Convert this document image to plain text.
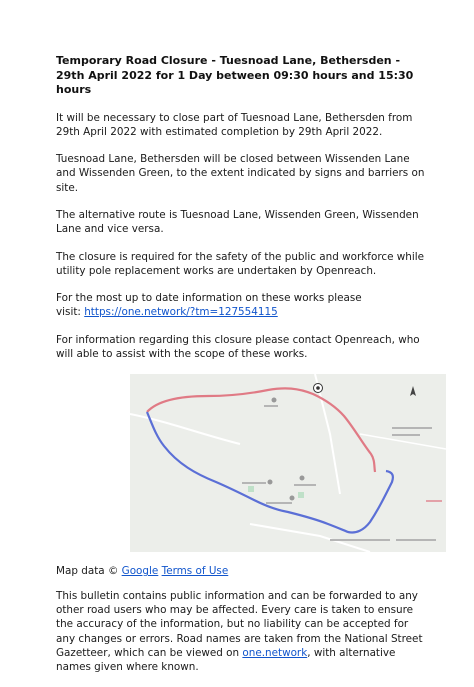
Temporary Road Closure - Tuesnoad Lane, Bethersden - 29th April 2022 for 1 Day between 09:30 hours and 15:30 hours

It will be necessary to close part of Tuesnoad Lane, Bethersden from 29th April 2022 with estimated completion by 29th April 2022.

Tuesnoad Lane, Bethersden will be closed between Wissenden Lane and Wissenden Green, to the extent indicated by signs and barriers on site.

The alternative route is Tuesnoad Lane, Wissenden Green, Wissenden Lane and vice versa.

The closure is required for the safety of the public and workforce while utility pole replacement works are undertaken by Openreach.

For the most up to date information on these works please visit: https://one.network/?tm=127554115

For information regarding this closure please contact Openreach, who will able to assist with the scope of these works.

Map data © Google Terms of Use

This bulletin contains public information and can be forwarded to any other road users who may be affected. Every care is taken to ensure the accuracy of the information, but no liability can be accepted for any changes or errors. Road names are taken from the National Street Gazetteer, which can be viewed on one.network, with alternative names given where known.
